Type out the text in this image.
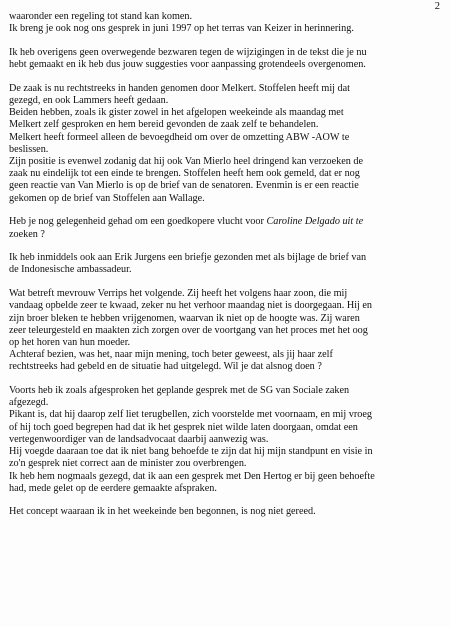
2
waaronder een regeling tot stand kan komen.
Ik breng je ook nog ons gesprek in juni 1997 op het terras van Keizer in herinnering.
Ik heb overigens geen overwegende bezwaren tegen de wijzigingen in de tekst die je nu
hebt gemaakt en ik heb dus jouw suggesties voor aanpassing grotendeels overgenomen.
De zaak is nu rechtstreeks in handen genomen door Melkert. Stoffelen heeft mij dat
gezegd, en ook Lammers heeft gedaan.
Beiden hebben, zoals ik gister zowel in het afgelopen weekeinde als maandag met
Melkert zelf gesproken en hem bereid gevonden de zaak zelf te behandelen.
Melkert heeft formeel alleen de bevoegdheid om over de omzetting ABW -AOW te
beslissen.
Zijn positie is evenwel zodanig dat hij ook Van Mierlo heel dringend kan verzoeken de
zaak nu eindelijk tot een einde te brengen. Stoffelen heeft hem ook gemeld, dat er nog
geen reactie van Van Mierlo is op de brief van de senatoren. Evenmin is er een reactie
gekomen op de brief van Stoffelen aan Wallage.
Heb je nog gelegenheid gehad om een goedkopere vlucht voor Caroline Delgado uit te
zoeken ?
Ik heb inmiddels ook aan Erik Jurgens een briefje gezonden met als bijlage de brief van
de Indonesische ambassadeur.
Wat betreft mevrouw Verrips het volgende. Zij heeft het volgens haar zoon, die mij
vandaag opbelde zeer te kwaad, zeker nu het verhoor maandag niet is doorgegaan. Hij en
zijn broer bleken te hebben vrijgenomen, waarvan ik niet op de hoogte was. Zij waren
zeer teleurgesteld en maakten zich zorgen over de voortgang van het proces met het oog
op het horen van hun moeder.
Achteraf bezien, was het, naar mijn mening, toch beter geweest, als jij haar zelf
rechtstreeks had gebeld en de situatie had uitgelegd. Wil je dat alsnog doen ?
Voorts heb ik zoals afgesproken het geplande gesprek met de SG van Sociale zaken
afgezegd.
Pikant is, dat hij daarop zelf liet terugbellen, zich voorstelde met voornaam, en mij vroeg
of hij toch goed begrepen had dat ik het gesprek niet wilde laten doorgaan, omdat een
vertegenwoordiger van de landsadvocaat daarbij aanwezig was.
Hij voegde daaraan toe dat ik niet bang behoefde te zijn dat hij mijn standpunt en visie in
zo'n gesprek niet correct aan de minister zou overbrengen.
Ik heb hem nogmaals gezegd, dat ik aan een gesprek met Den Hertog er bij geen behoefte
had, mede gelet op de eerdere gemaakte afspraken.
Het concept waaraan ik in het weekeinde ben begonnen, is nog niet gereed.
